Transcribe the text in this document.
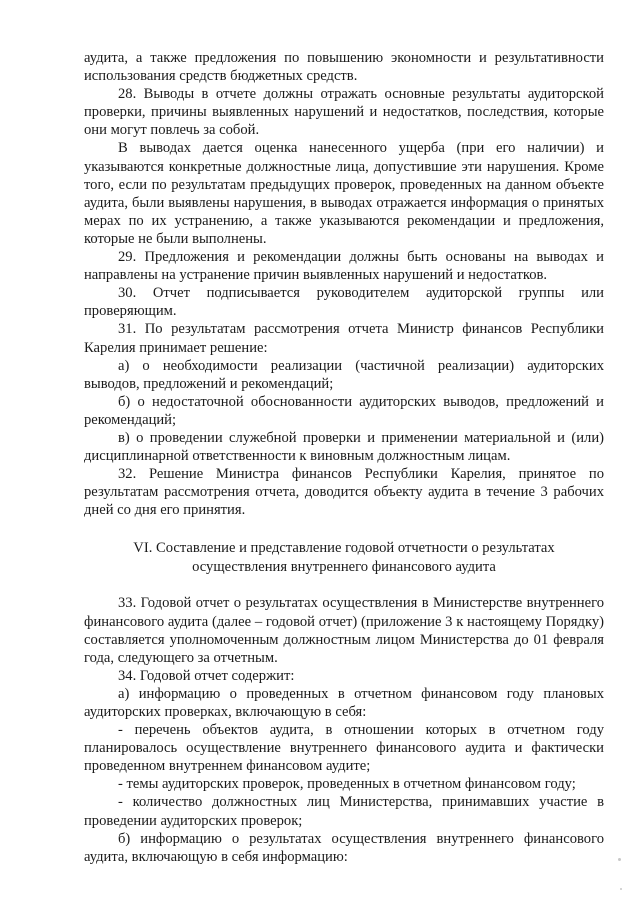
аудита, а также предложения по повышению экономности и результативности использования средств бюджетных средств.

28. Выводы в отчете должны отражать основные результаты аудиторской проверки, причины выявленных нарушений и недостатков, последствия, которые они могут повлечь за собой.

В выводах дается оценка нанесенного ущерба (при его наличии) и указываются конкретные должностные лица, допустившие эти нарушения. Кроме того, если по результатам предыдущих проверок, проведенных на данном объекте аудита, были выявлены нарушения, в выводах отражается информация о принятых мерах по их устранению, а также указываются рекомендации и предложения, которые не были выполнены.

29. Предложения и рекомендации должны быть основаны на выводах и направлены на устранение причин выявленных нарушений и недостатков.

30. Отчет подписывается руководителем аудиторской группы или проверяющим.

31. По результатам рассмотрения отчета Министр финансов Республики Карелия принимает решение:

а) о необходимости реализации (частичной реализации) аудиторских выводов, предложений и рекомендаций;

б) о недостаточной обоснованности аудиторских выводов, предложений и рекомендаций;

в) о проведении служебной проверки и применении материальной и (или) дисциплинарной ответственности к виновным должностным лицам.

32. Решение Министра финансов Республики Карелия, принятое по результатам рассмотрения отчета, доводится объекту аудита в течение 3 рабочих дней со дня его принятия.

VI. Составление и представление годовой отчетности о результатах
осуществления внутреннего финансового аудита

33. Годовой отчет о результатах осуществления в Министерстве внутреннего финансового аудита (далее – годовой отчет) (приложение 3 к настоящему Порядку) составляется уполномоченным должностным лицом Министерства до 01 февраля года, следующего за отчетным.

34. Годовой отчет содержит:

а) информацию о проведенных в отчетном финансовом году плановых аудиторских проверках, включающую в себя:

- перечень объектов аудита, в отношении которых в отчетном году планировалось осуществление внутреннего финансового аудита и фактически проведенном внутреннем финансовом аудите;

- темы аудиторских проверок, проведенных в отчетном финансовом году;

- количество должностных лиц Министерства, принимавших участие в проведении аудиторских проверок;

б) информацию о результатах осуществления внутреннего финансового аудита, включающую в себя информацию:
